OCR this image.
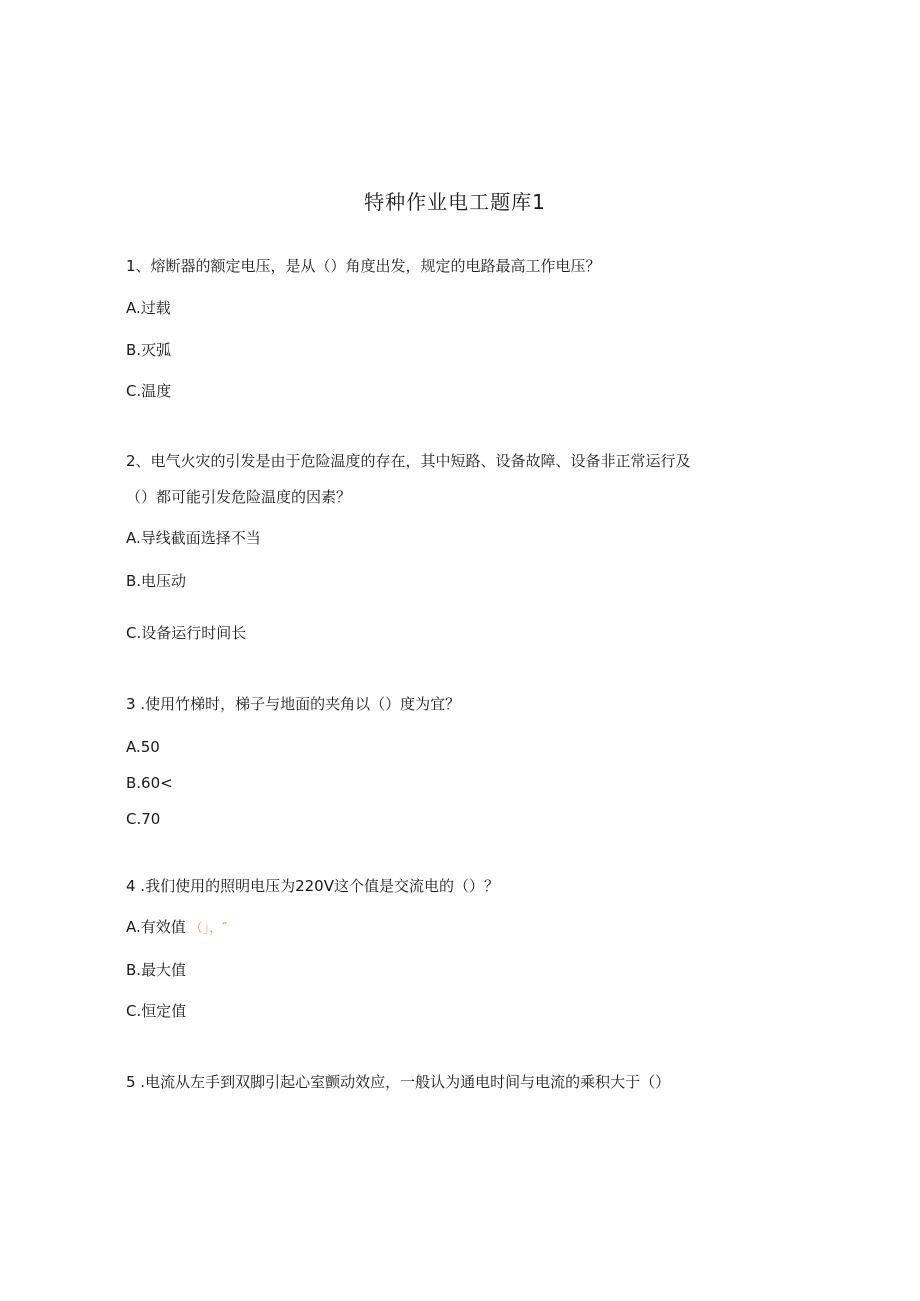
特种作业电工题库1
1、熔断器的额定电压，是从（）角度出发，规定的电路最高工作电压？
A.过载
B.灭弧
C.温度
2、电气火灾的引发是由于危险温度的存在，其中短路、设备故障、设备非正常运行及
（）都可能引发危险温度的因素？
A.导线截面选择不当
B.电压动
C.设备运行时间长
3 .使用竹梯时，梯子与地面的夹角以（）度为宜？
A.50
B.60<
C.70
4 .我们使用的照明电压为220V这个值是交流电的（）？
A.有效值 （」，″
B.最大值
C.恒定值
5 .电流从左手到双脚引起心室颤动效应，一般认为通电时间与电流的乘积大于（）
